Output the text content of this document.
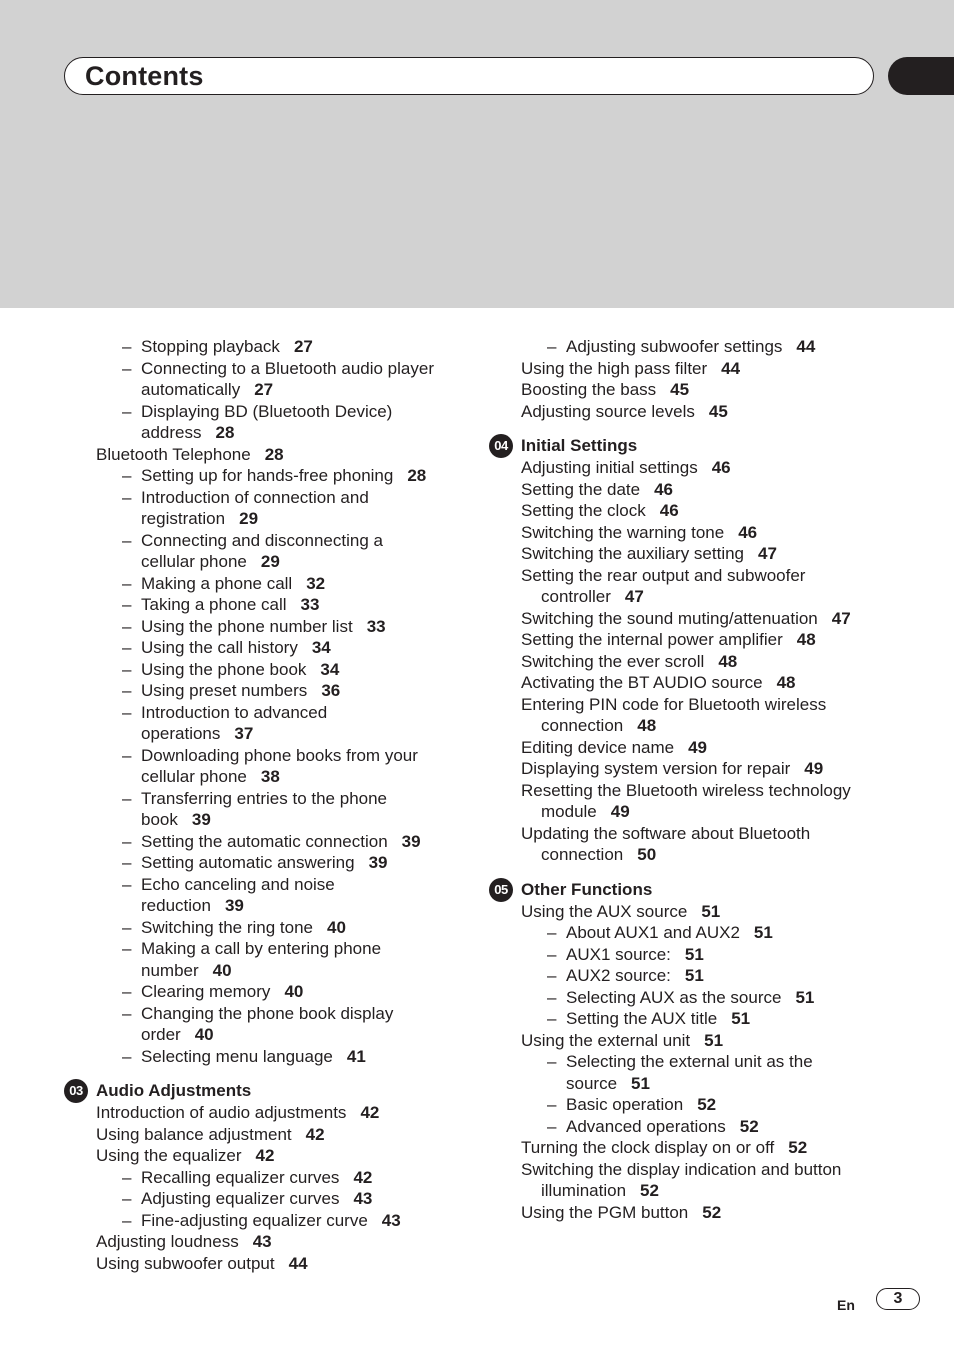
Contents
– Stopping playback 27
– Connecting to a Bluetooth audio player
automatically 27
– Displaying BD (Bluetooth Device)
address 28
Bluetooth Telephone 28
– Setting up for hands-free phoning 28
– Introduction of connection and
registration 29
– Connecting and disconnecting a
cellular phone 29
– Making a phone call 32
– Taking a phone call 33
– Using the phone number list 33
– Using the call history 34
– Using the phone book 34
– Using preset numbers 36
– Introduction to advanced
operations 37
– Downloading phone books from your
cellular phone 38
– Transferring entries to the phone
book 39
– Setting the automatic connection 39
– Setting automatic answering 39
– Echo canceling and noise
reduction 39
– Switching the ring tone 40
– Making a call by entering phone
number 40
– Clearing memory 40
– Changing the phone book display
order 40
– Selecting menu language 41
03 Audio Adjustments
Introduction of audio adjustments 42
Using balance adjustment 42
Using the equalizer 42
– Recalling equalizer curves 42
– Adjusting equalizer curves 43
– Fine-adjusting equalizer curve 43
Adjusting loudness 43
Using subwoofer output 44
– Adjusting subwoofer settings 44
Using the high pass filter 44
Boosting the bass 45
Adjusting source levels 45
04 Initial Settings
Adjusting initial settings 46
Setting the date 46
Setting the clock 46
Switching the warning tone 46
Switching the auxiliary setting 47
Setting the rear output and subwoofer
controller 47
Switching the sound muting/attenuation 47
Setting the internal power amplifier 48
Switching the ever scroll 48
Activating the BT AUDIO source 48
Entering PIN code for Bluetooth wireless
connection 48
Editing device name 49
Displaying system version for repair 49
Resetting the Bluetooth wireless technology
module 49
Updating the software about Bluetooth
connection 50
05 Other Functions
Using the AUX source 51
– About AUX1 and AUX2 51
– AUX1 source: 51
– AUX2 source: 51
– Selecting AUX as the source 51
– Setting the AUX title 51
Using the external unit 51
– Selecting the external unit as the
source 51
– Basic operation 52
– Advanced operations 52
Turning the clock display on or off 52
Switching the display indication and button
illumination 52
Using the PGM button 52
En	3
